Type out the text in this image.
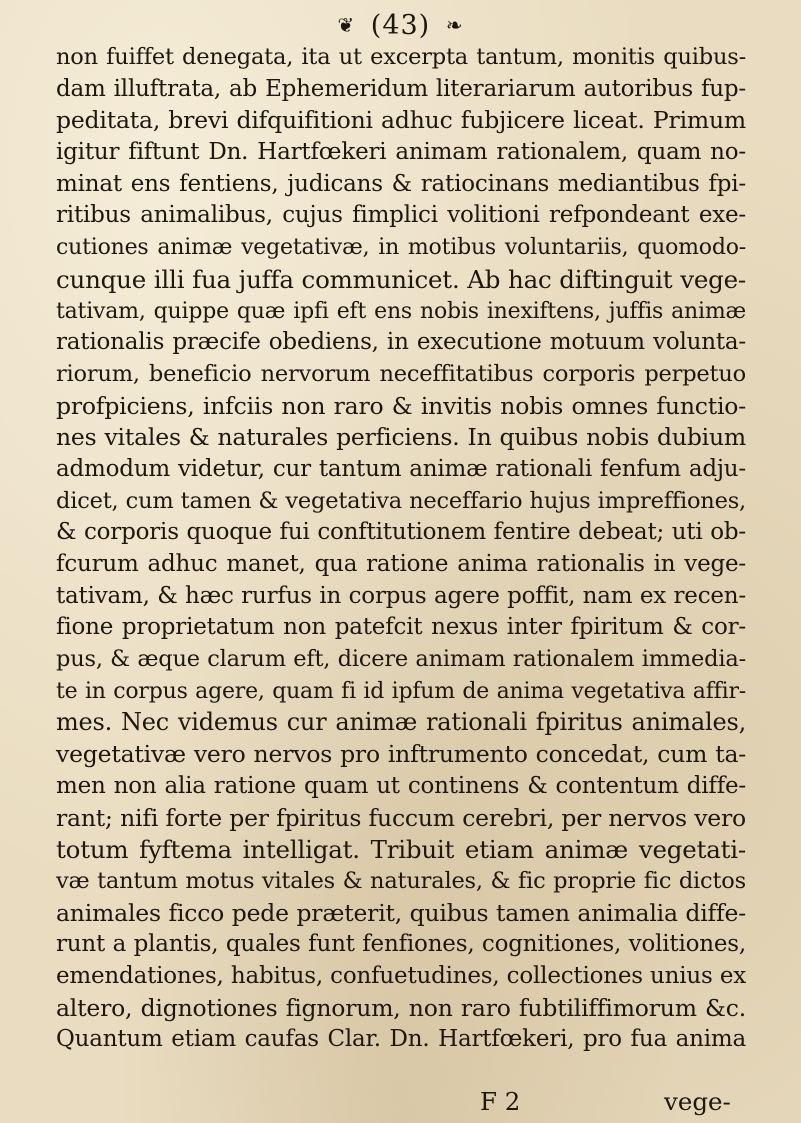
❦ (43) ❧
non fuiffet denegata, ita ut excerpta tantum, monitis quibus-
dam illuftrata, ab Ephemeridum literariarum autoribus fup-
peditata, brevi difquifitioni adhuc fubjicere liceat. Primum
igitur fiftunt Dn. Hartfœkeri animam rationalem, quam no-
minat ens fentiens, judicans & ratiocinans mediantibus fpi-
ritibus animalibus, cujus fimplici volitioni refpondeant exe-
cutiones animæ vegetativæ, in motibus voluntariis, quomodo-
cunque illi fua juffa communicet. Ab hac diftinguit vege-
tativam, quippe quæ ipfi eft ens nobis inexiftens, juffis animæ
rationalis præcife obediens, in executione motuum volunta-
riorum, beneficio nervorum neceffitatibus corporis perpetuo
profpiciens, infciis non raro & invitis nobis omnes functio-
nes vitales & naturales perficiens. In quibus nobis dubium
admodum videtur, cur tantum animæ rationali fenfum adju-
dicet, cum tamen & vegetativa neceffario hujus impreffiones,
& corporis quoque fui conftitutionem fentire debeat; uti ob-
fcurum adhuc manet, qua ratione anima rationalis in vege-
tativam, & hæc rurfus in corpus agere poffit, nam ex recen-
fione proprietatum non patefcit nexus inter fpiritum & cor-
pus, & æque clarum eft, dicere animam rationalem immedia-
te in corpus agere, quam fi id ipfum de anima vegetativa affir-
mes. Nec videmus cur animæ rationali fpiritus animales,
vegetativæ vero nervos pro inftrumento concedat, cum ta-
men non alia ratione quam ut continens & contentum diffe-
rant; nifi forte per fpiritus fuccum cerebri, per nervos vero
totum fyftema intelligat. Tribuit etiam animæ vegetati-
væ tantum motus vitales & naturales, & fic proprie fic dictos
animales ficco pede præterit, quibus tamen animalia diffe-
runt a plantis, quales funt fenfiones, cognitiones, volitiones,
emendationes, habitus, confuetudines, collectiones unius ex
altero, dignotiones fignorum, non raro fubtiliffimorum &c.
Quantum etiam caufas Clar. Dn. Hartfœkeri, pro fua anima
F 2	vege-
